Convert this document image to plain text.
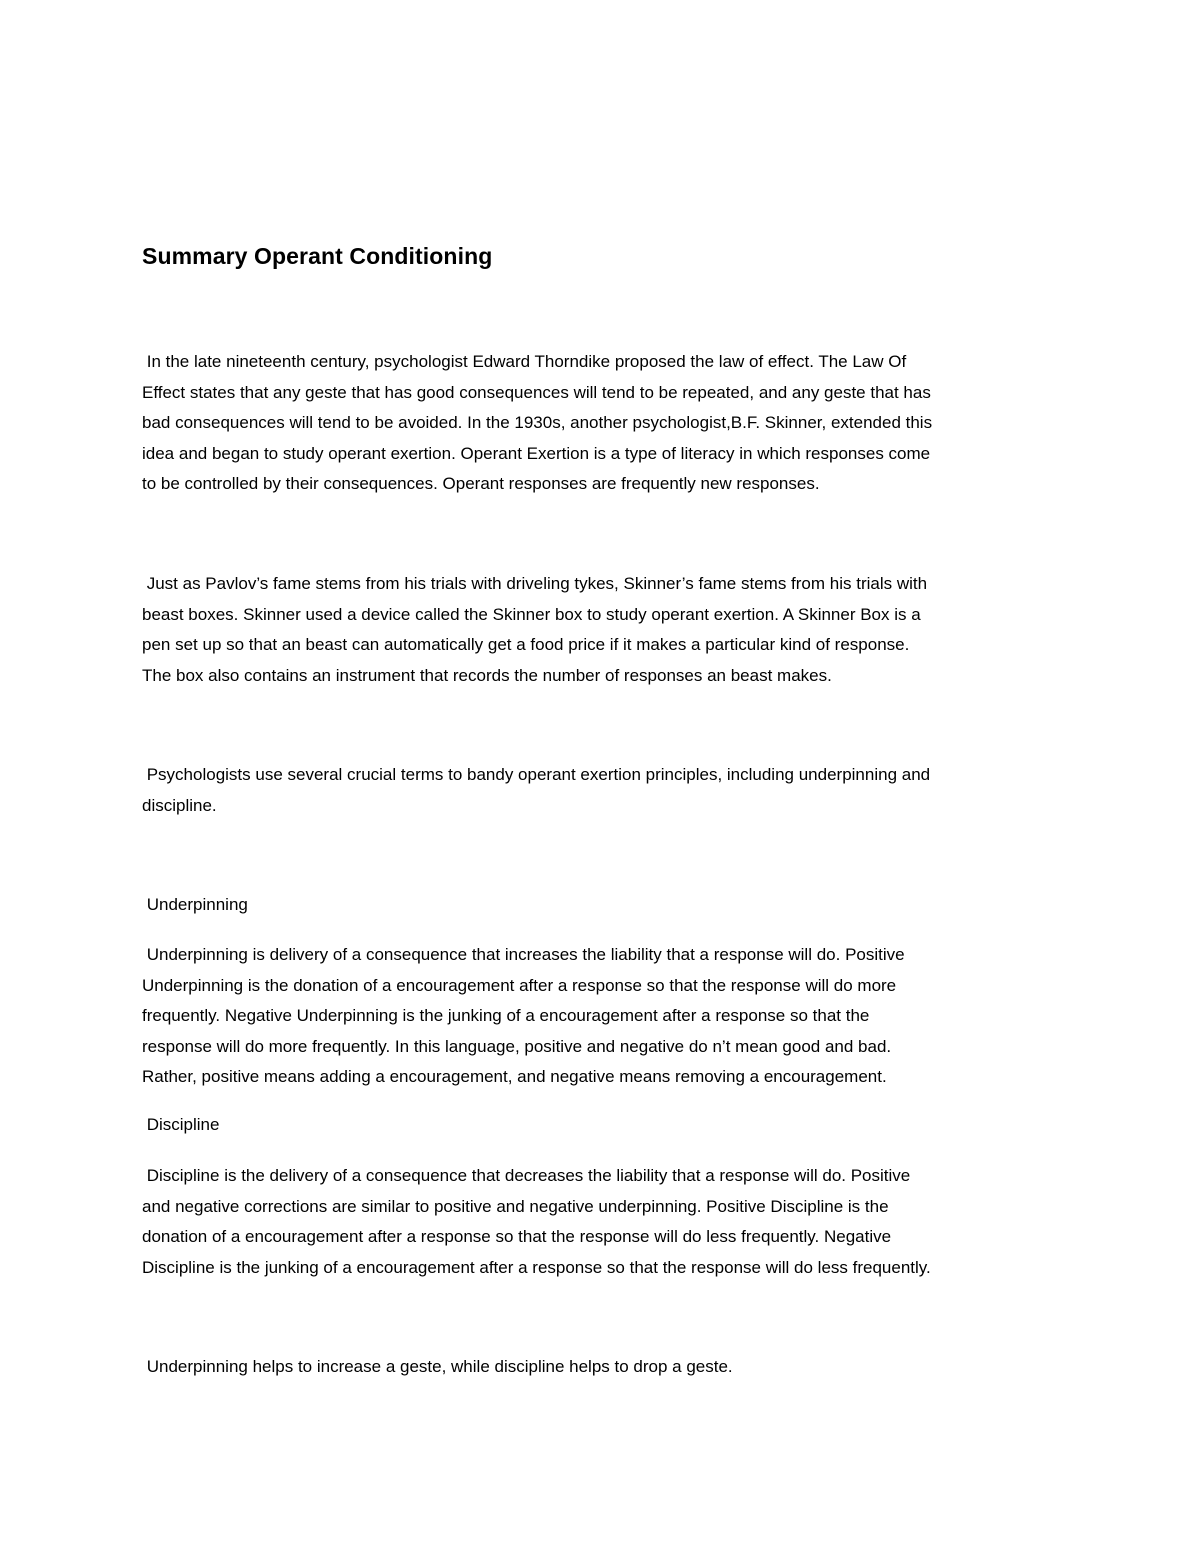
Summary Operant Conditioning

In the late nineteenth century, psychologist Edward Thorndike proposed the law of effect. The Law Of
Effect states that any geste that has good consequences will tend to be repeated, and any geste that has
bad consequences will tend to be avoided. In the 1930s, another psychologist,B.F. Skinner, extended this
idea and began to study operant exertion. Operant Exertion is a type of literacy in which responses come
to be controlled by their consequences. Operant responses are frequently new responses.

Just as Pavlov’s fame stems from his trials with driveling tykes, Skinner’s fame stems from his trials with
beast boxes. Skinner used a device called the Skinner box to study operant exertion. A Skinner Box is a
pen set up so that an beast can automatically get a food price if it makes a particular kind of response.
The box also contains an instrument that records the number of responses an beast makes.

Psychologists use several crucial terms to bandy operant exertion principles, including underpinning and
discipline.

Underpinning

Underpinning is delivery of a consequence that increases the liability that a response will do. Positive
Underpinning is the donation of a encouragement after a response so that the response will do more
frequently. Negative Underpinning is the junking of a encouragement after a response so that the
response will do more frequently. In this language, positive and negative do n’t mean good and bad.
Rather, positive means adding a encouragement, and negative means removing a encouragement.

Discipline

Discipline is the delivery of a consequence that decreases the liability that a response will do. Positive
and negative corrections are similar to positive and negative underpinning. Positive Discipline is the
donation of a encouragement after a response so that the response will do less frequently. Negative
Discipline is the junking of a encouragement after a response so that the response will do less frequently.

Underpinning helps to increase a geste, while discipline helps to drop a geste.
